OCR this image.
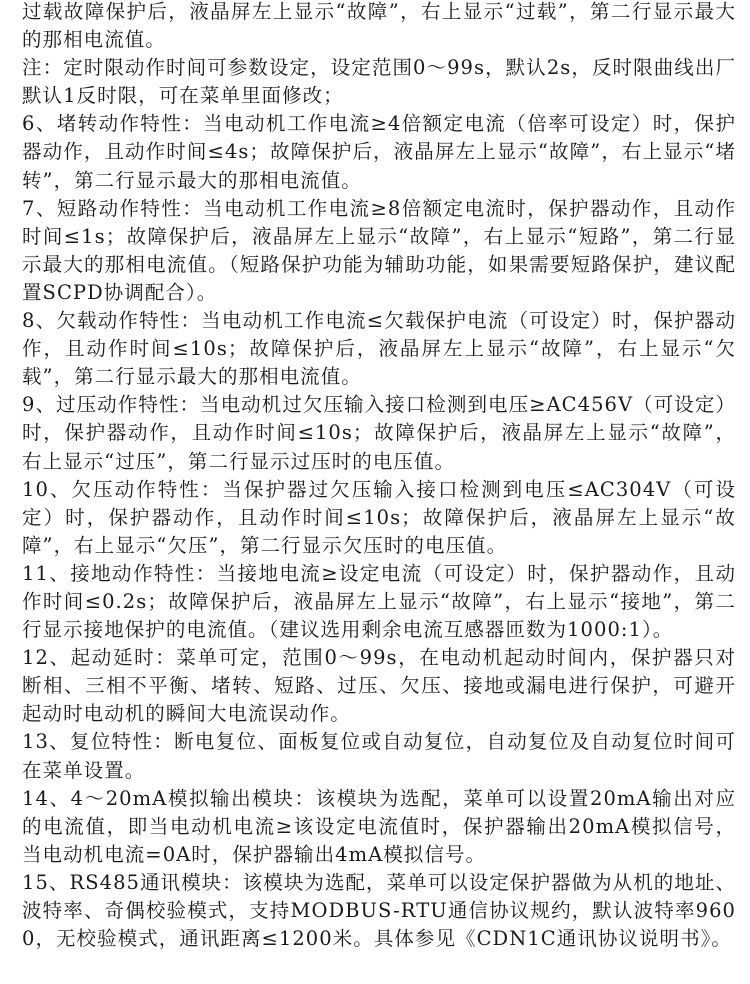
过载故障保护后，液晶屏左上显示“故障”，右上显示“过载”，第二行显示最大的那相电流值。

注：定时限动作时间可参数设定，设定范围0～99s，默认2s，反时限曲线出厂默认1反时限，可在菜单里面修改；

6、堵转动作特性：当电动机工作电流≥4倍额定电流（倍率可设定）时，保护器动作，且动作时间≤4s；故障保护后，液晶屏左上显示“故障”，右上显示“堵转”，第二行显示最大的那相电流值。

7、短路动作特性：当电动机工作电流≥8倍额定电流时，保护器动作，且动作时间≤1s；故障保护后，液晶屏左上显示“故障”，右上显示“短路”，第二行显示最大的那相电流值。（短路保护功能为辅助功能，如果需要短路保护，建议配置SCPD协调配合）。

8、欠载动作特性：当电动机工作电流≤欠载保护电流（可设定）时，保护器动作，且动作时间≤10s；故障保护后，液晶屏左上显示“故障”，右上显示“欠载”，第二行显示最大的那相电流值。

9、过压动作特性：当电动机过欠压输入接口检测到电压≥AC456V（可设定）时，保护器动作，且动作时间≤10s；故障保护后，液晶屏左上显示“故障”，右上显示“过压”，第二行显示过压时的电压值。

10、欠压动作特性：当保护器过欠压输入接口检测到电压≤AC304V（可设定）时，保护器动作，且动作时间≤10s；故障保护后，液晶屏左上显示“故障”，右上显示“欠压”，第二行显示欠压时的电压值。

11、接地动作特性：当接地电流≥设定电流（可设定）时，保护器动作，且动作时间≤0.2s；故障保护后，液晶屏左上显示“故障”，右上显示“接地”，第二行显示接地保护的电流值。（建议选用剩余电流互感器匝数为1000:1）。

12、起动延时：菜单可定，范围0～99s，在电动机起动时间内，保护器只对断相、三相不平衡、堵转、短路、过压、欠压、接地或漏电进行保护，可避开起动时电动机的瞬间大电流误动作。

13、复位特性：断电复位、面板复位或自动复位，自动复位及自动复位时间可在菜单设置。

14、4～20mA模拟输出模块：该模块为选配，菜单可以设置20mA输出对应的电流值，即当电动机电流≥该设定电流值时，保护器输出20mA模拟信号，当电动机电流=0A时，保护器输出4mA模拟信号。

15、RS485通讯模块：该模块为选配，菜单可以设定保护器做为从机的地址、波特率、奇偶校验模式，支持MODBUS-RTU通信协议规约，默认波特率9600，无校验模式，通讯距离≤1200米。具体参见《CDN1C通讯协议说明书》。
